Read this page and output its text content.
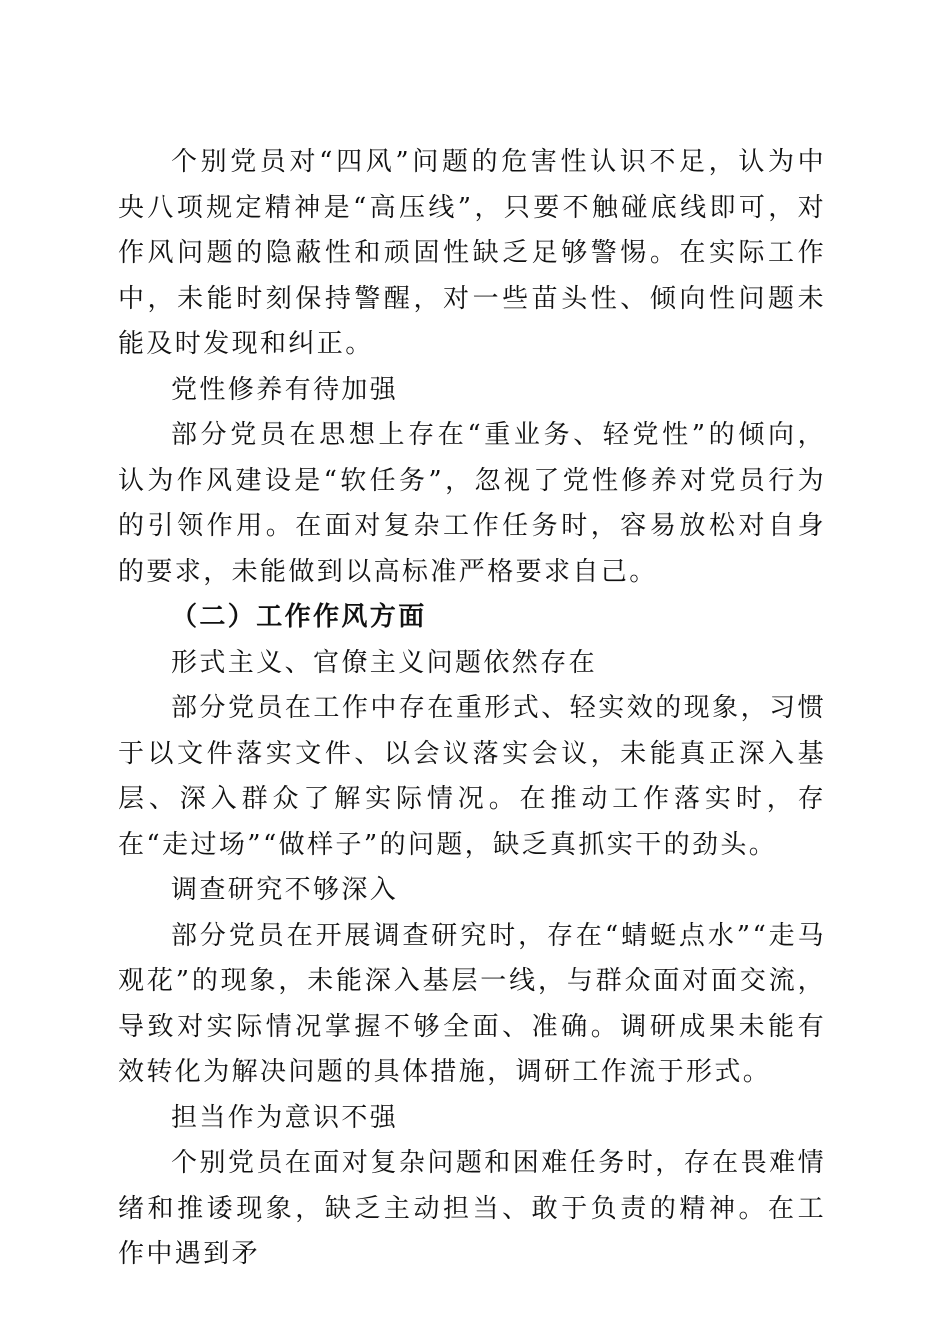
个别党员对“四风”问题的危害性认识不足，认为中央八项规定精神是“高压线”，只要不触碰底线即可，对作风问题的隐蔽性和顽固性缺乏足够警惕。在实际工作中，未能时刻保持警醒，对一些苗头性、倾向性问题未能及时发现和纠正。

党性修养有待加强

部分党员在思想上存在“重业务、轻党性”的倾向，认为作风建设是“软任务”，忽视了党性修养对党员行为的引领作用。在面对复杂工作任务时，容易放松对自身的要求，未能做到以高标准严格要求自己。

（二）工作作风方面

形式主义、官僚主义问题依然存在

部分党员在工作中存在重形式、轻实效的现象，习惯于以文件落实文件、以会议落实会议，未能真正深入基层、深入群众了解实际情况。在推动工作落实时，存在“走过场”“做样子”的问题，缺乏真抓实干的劲头。

调查研究不够深入

部分党员在开展调查研究时，存在“蜻蜓点水”“走马观花”的现象，未能深入基层一线，与群众面对面交流，导致对实际情况掌握不够全面、准确。调研成果未能有效转化为解决问题的具体措施，调研工作流于形式。

担当作为意识不强

个别党员在面对复杂问题和困难任务时，存在畏难情绪和推诿现象，缺乏主动担当、敢于负责的精神。在工作中遇到矛
